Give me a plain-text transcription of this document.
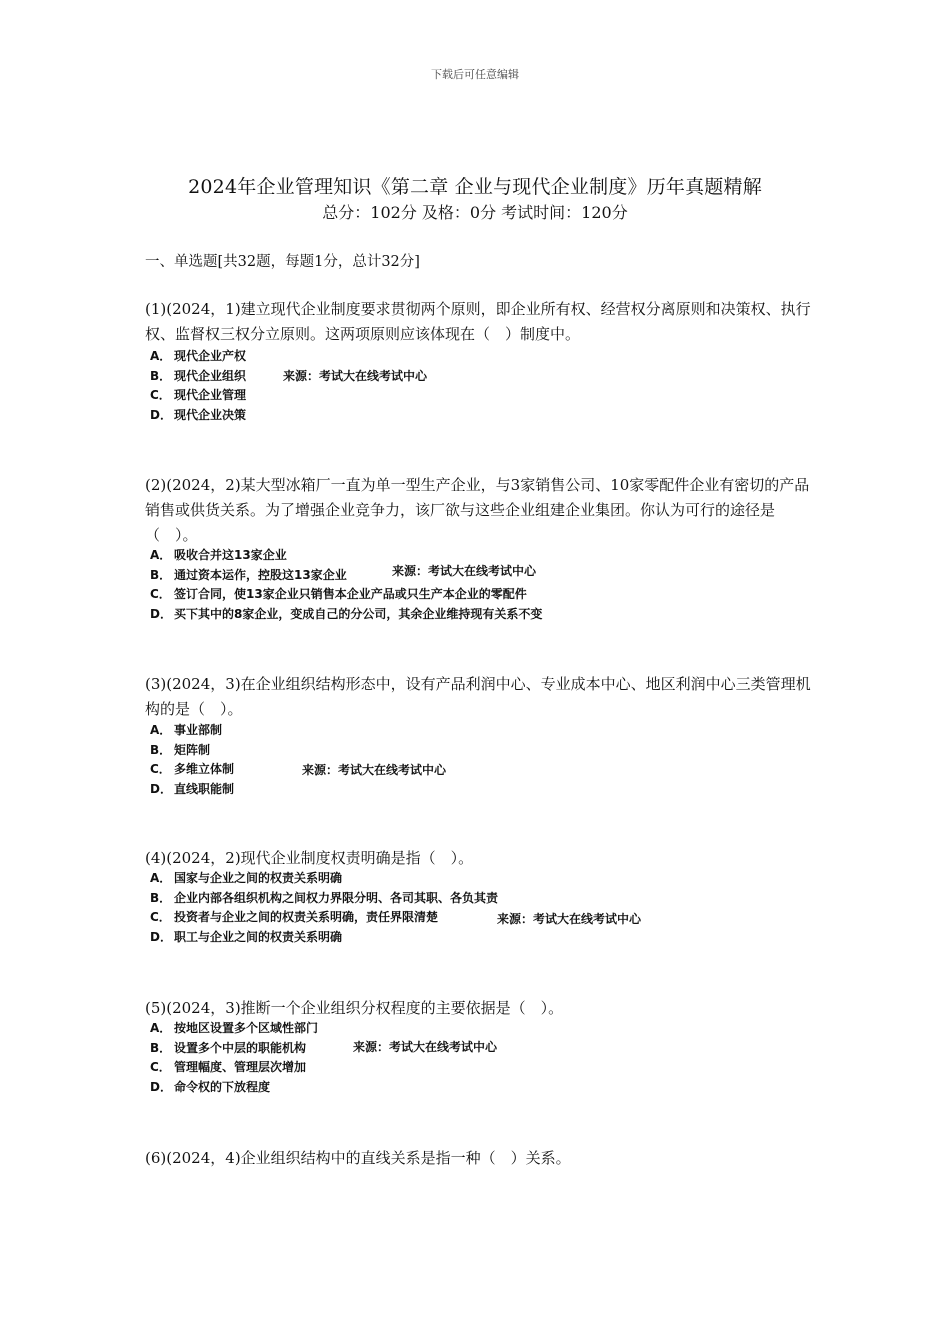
下载后可任意编辑
2024年企业管理知识《第二章 企业与现代企业制度》历年真题精解
总分：102分 及格：0分 考试时间：120分
一、单选题[共32题，每题1分，总计32分]
(1)(2024，1)建立现代企业制度要求贯彻两个原则，即企业所有权、经营权分离原则和决策权、执行权、监督权三权分立原则。这两项原则应该体现在（　）制度中。
A． 现代企业产权
B． 现代企业组织
C． 现代企业管理
D． 现代企业决策
来源：考试大在线考试中心
(2)(2024，2)某大型冰箱厂一直为单一型生产企业，与3家销售公司、10家零配件企业有密切的产品销售或供货关系。为了增强企业竞争力，该厂欲与这些企业组建企业集团。你认为可行的途径是（　）。
A． 吸收合并这13家企业
B． 通过资本运作，控股这13家企业
C． 签订合同，使13家企业只销售本企业产品或只生产本企业的零配件
D． 买下其中的8家企业，变成自己的分公司，其余企业维持现有关系不变
来源：考试大在线考试中心
(3)(2024，3)在企业组织结构形态中，设有产品利润中心、专业成本中心、地区利润中心三类管理机构的是（　）。
A． 事业部制
B． 矩阵制
C． 多维立体制
D． 直线职能制
来源：考试大在线考试中心
(4)(2024，2)现代企业制度权责明确是指（　）。
A． 国家与企业之间的权责关系明确
B． 企业内部各组织机构之间权力界限分明、各司其职、各负其责
C． 投资者与企业之间的权责关系明确，责任界限清楚
D． 职工与企业之间的权责关系明确
来源：考试大在线考试中心
(5)(2024，3)推断一个企业组织分权程度的主要依据是（　）。
A． 按地区设置多个区域性部门
B． 设置多个中层的职能机构
C． 管理幅度、管理层次增加
D． 命令权的下放程度
来源：考试大在线考试中心
(6)(2024，4)企业组织结构中的直线关系是指一种（　）关系。
